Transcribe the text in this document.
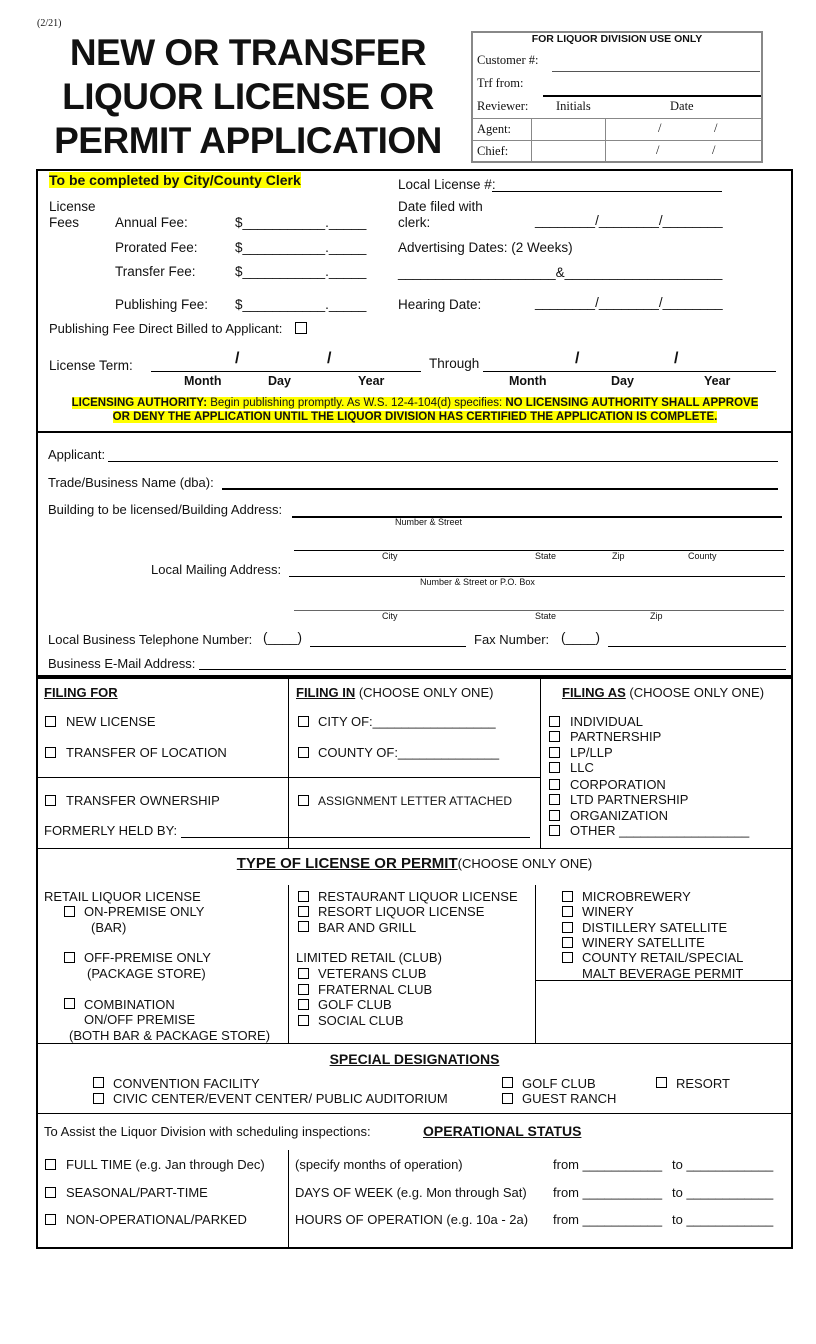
(2/21)
NEW OR TRANSFER
LIQUOR LICENSE OR
PERMIT APPLICATION
FOR LIQUOR DIVISION USE ONLY
Customer #:
Trf from:
Reviewer: Initials	Date
Agent:	/	/
Chief:	/	/
To be completed by City/County Clerk	Local License #:
License
Fees	Annual Fee:	$___________._____
Prorated Fee:	$___________._____
Transfer Fee:	$___________._____
Publishing Fee: $___________._____
Date filed with
clerk:	________/________/________
Advertising Dates: (2 Weeks)
_____________________&_____________________
Hearing Date:	________/________/________
Publishing Fee Direct Billed to Applicant:
License Term:	/	/	Through	/	/
Month	Day	Year	Month	Day	Year
LICENSING AUTHORITY: Begin publishing promptly. As W.S. 12-4-104(d) specifies: NO LICENSING AUTHORITY SHALL APPROVE
OR DENY THE APPLICATION UNTIL THE LIQUOR DIVISION HAS CERTIFIED THE APPLICATION IS COMPLETE.
Applicant:
Trade/Business Name (dba):
Building to be licensed/Building Address:
Number & Street
City	State	Zip	County
Local Mailing Address:
Number & Street or P.O. Box
City	State	Zip
Local Business Telephone Number: (____)	Fax Number: (____)
Business E-Mail Address:
FILING FOR
NEW LICENSE
TRANSFER OF LOCATION
TRANSFER OWNERSHIP
FORMERLY HELD BY:
FILING IN (CHOOSE ONLY ONE)
CITY OF:_________________
COUNTY OF:______________
ASSIGNMENT LETTER ATTACHED
FILING AS (CHOOSE ONLY ONE)
TYPE OF LICENSE OR PERMIT(CHOOSE ONLY ONE)
RETAIL LIQUOR LICENSE
ON-PREMISE ONLY
(BAR)
OFF-PREMISE ONLY
(PACKAGE STORE)
COMBINATION
ON/OFF PREMISE
(BOTH BAR & PACKAGE STORE)
RESTAURANT LIQUOR LICENSE
RESORT LIQUOR LICENSE
BAR AND GRILL
LIMITED RETAIL (CLUB)
MALT BEVERAGE PERMIT
SPECIAL DESIGNATIONS
CONVENTION FACILITY
CIVIC CENTER/EVENT CENTER/ PUBLIC AUDITORIUM
GOLF CLUB
GUEST RANCH
RESORT
To Assist the Liquor Division with scheduling inspections:	OPERATIONAL STATUS
INDIVIDUAL
PARTNERSHIP
LP/LLP
LLC
CORPORATION
LTD PARTNERSHIP
ORGANIZATION
OTHER __________________
VETERANS CLUB
FRATERNAL CLUB
GOLF CLUB
SOCIAL CLUB
MICROBREWERY
WINERY
DISTILLERY SATELLITE
WINERY SATELLITE
COUNTY RETAIL/SPECIAL
FULL TIME (e.g. Jan through Dec) (specify months of operation)	from ___________ to ____________
SEASONAL/PART-TIME	DAYS OF WEEK (e.g. Mon through Sat) from ___________ to ____________
NON-OPERATIONAL/PARKED	HOURS OF OPERATION (e.g. 10a - 2a) from ___________ to ____________
